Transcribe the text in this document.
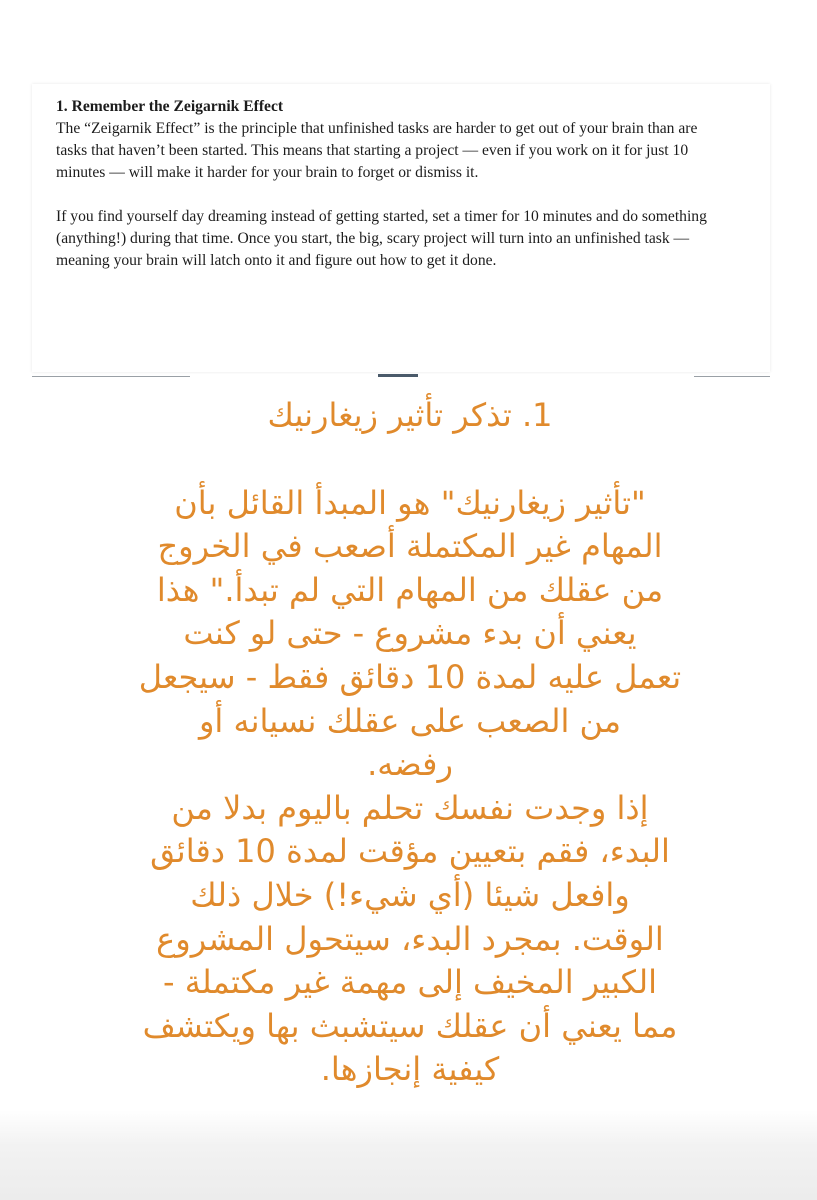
1. Remember the Zeigarnik Effect

The “Zeigarnik Effect” is the principle that unfinished tasks are harder to get out of your brain than are tasks that haven’t been started. This means that starting a project — even if you work on it for just 10 minutes — will make it harder for your brain to forget or dismiss it.

If you find yourself day dreaming instead of getting started, set a timer for 10 minutes and do something (anything!) during that time. Once you start, the big, scary project will turn into an unfinished task — meaning your brain will latch onto it and figure out how to get it done.

1. تذكر تأثير زيغارنيك

"تأثير زيغارنيك" هو المبدأ القائل بأن

المهام غير المكتملة أصعب في الخروج

من عقلك من المهام التي لم تبدأ." هذا

يعني أن بدء مشروع - حتى لو كنت

تعمل عليه لمدة 10 دقائق فقط - سيجعل

من الصعب على عقلك نسيانه أو

رفضه.

إذا وجدت نفسك تحلم باليوم بدلا من

البدء، فقم بتعيين مؤقت لمدة 10 دقائق

وافعل شيئا (أي شيء!) خلال ذلك

الوقت. بمجرد البدء، سيتحول المشروع

الكبير المخيف إلى مهمة غير مكتملة -

مما يعني أن عقلك سيتشبث بها ويكتشف

كيفية إنجازها.
